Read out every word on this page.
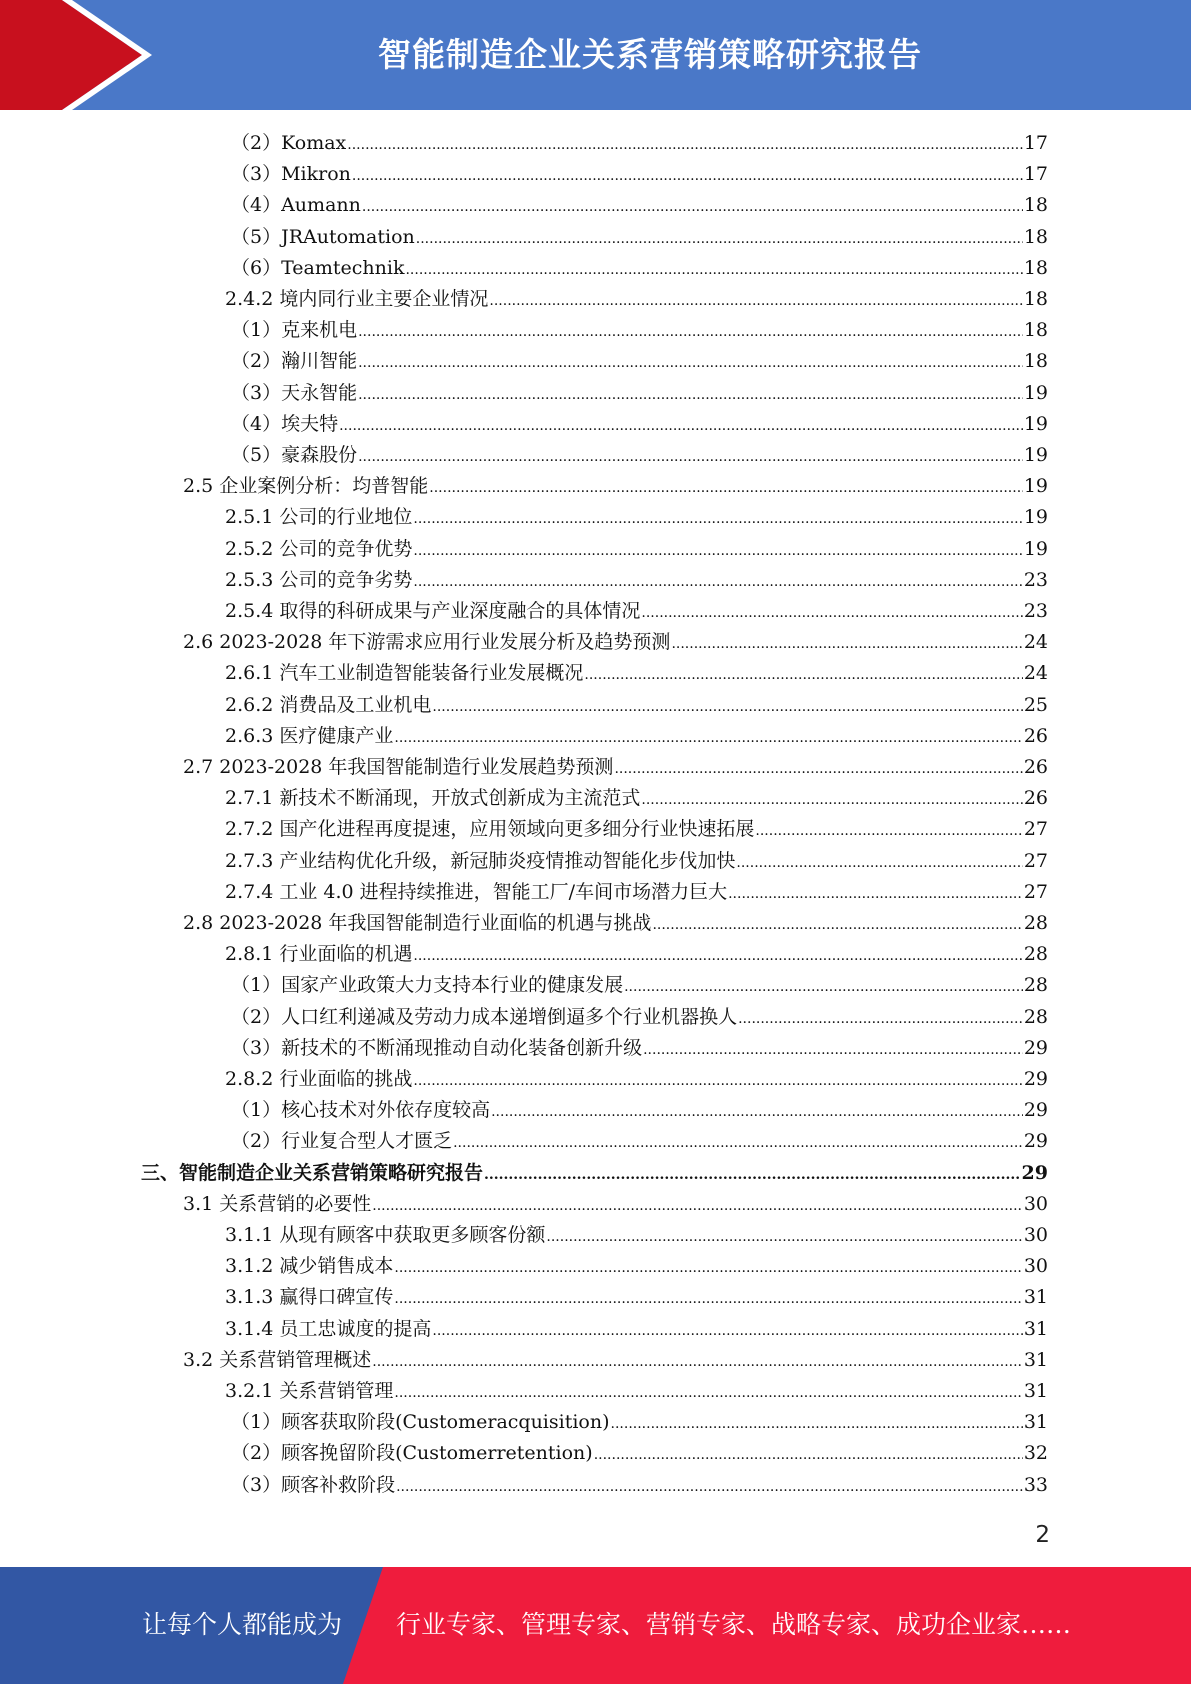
智能制造企业关系营销策略研究报告
（2）Komax .....	17
（3）Mikron .....	17
（4）Aumann .....	18
（5）JRAutomation .....	18
（6）Teamtechnik .....	18
2.4.2 境内同行业主要企业情况 .....	18
（1）克来机电 .....	18
（2）瀚川智能 .....	18
（3）天永智能 .....	19
（4）埃夫特 .....	19
（5）豪森股份 .....	19
2.5 企业案例分析：均普智能 .....	19
2.5.1 公司的行业地位 .....	19
2.5.2 公司的竞争优势 .....	19
2.5.3 公司的竞争劣势 .....	23
2.5.4 取得的科研成果与产业深度融合的具体情况 .....	23
2.6 2023-2028 年下游需求应用行业发展分析及趋势预测 .....	24
2.6.1 汽车工业制造智能装备行业发展概况 .....	24
2.6.2 消费品及工业机电 .....	25
2.6.3 医疗健康产业 .....	26
2.7 2023-2028 年我国智能制造行业发展趋势预测 .....	26
2.7.1 新技术不断涌现，开放式创新成为主流范式 .....	26
2.7.2 国产化进程再度提速，应用领域向更多细分行业快速拓展 .....	27
2.7.3 产业结构优化升级，新冠肺炎疫情推动智能化步伐加快 .....	27
2.7.4 工业 4.0 进程持续推进，智能工厂/车间市场潜力巨大 .....	27
2.8 2023-2028 年我国智能制造行业面临的机遇与挑战 .....	28
2.8.1 行业面临的机遇 .....	28
（1）国家产业政策大力支持本行业的健康发展 .....	28
（2）人口红利递减及劳动力成本递增倒逼多个行业机器换人 .....	28
（3）新技术的不断涌现推动自动化装备创新升级 .....	29
2.8.2 行业面临的挑战 .....	29
（1）核心技术对外依存度较高 .....	29
（2）行业复合型人才匮乏 .....	29
三、智能制造企业关系营销策略研究报告 .....	29
3.1 关系营销的必要性 .....	30
3.1.1 从现有顾客中获取更多顾客份额 .....	30
3.1.2 减少销售成本 .....	30
3.1.3 赢得口碑宣传 .....	31
3.1.4 员工忠诚度的提高 .....	31
3.2 关系营销管理概述 .....	31
3.2.1 关系营销管理 .....	31
（1）顾客获取阶段(Customeracquisition) .....	31
（2）顾客挽留阶段(Customerretention) .....	32
（3）顾客补救阶段 .....	33
2
让每个人都能成为 行业专家、管理专家、营销专家、战略专家、成功企业家……
